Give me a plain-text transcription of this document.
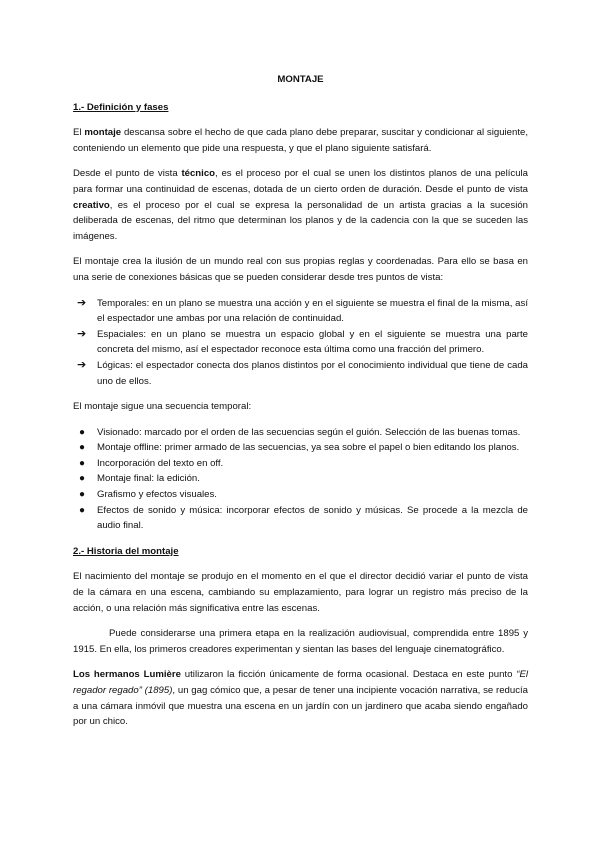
MONTAJE
1.- Definición y fases

El montaje descansa sobre el hecho de que cada plano debe preparar, suscitar y condicionar al siguiente, conteniendo un elemento que pide una respuesta, y que el plano siguiente satisfará.

Desde el punto de vista técnico, es el proceso por el cual se unen los distintos planos de una película para formar una continuidad de escenas, dotada de un cierto orden de duración. Desde el punto de vista creativo, es el proceso por el cual se expresa la personalidad de un artista gracias a la sucesión deliberada de escenas, del ritmo que determinan los planos y de la cadencia con la que se suceden las imágenes.

El montaje crea la ilusión de un mundo real con sus propias reglas y coordenadas. Para ello se basa en una serie de conexiones básicas que se pueden considerar desde tres puntos de vista:

➔ Temporales: en un plano se muestra una acción y en el siguiente se muestra el final de la misma, así el espectador une ambas por una relación de continuidad.
➔ Espaciales: en un plano se muestra un espacio global y en el siguiente se muestra una parte concreta del mismo, así el espectador reconoce esta última como una fracción del primero.
➔ Lógicas: el espectador conecta dos planos distintos por el conocimiento individual que tiene de cada uno de ellos.

El montaje sigue una secuencia temporal:

● Visionado: marcado por el orden de las secuencias según el guión. Selección de las buenas tomas.
● Montaje offline: primer armado de las secuencias, ya sea sobre el papel o bien editando los planos.
● Incorporación del texto en off.
● Montaje final: la edición.
● Grafismo y efectos visuales.
● Efectos de sonido y música: incorporar efectos de sonido y músicas. Se procede a la mezcla de audio final.
2.- Historia del montaje

El nacimiento del montaje se produjo en el momento en el que el director decidió variar el punto de vista de la cámara en una escena, cambiando su emplazamiento, para lograr un registro más preciso de la acción, o una relación más significativa entre las escenas.

Puede considerarse una primera etapa en la realización audiovisual, comprendida entre 1895 y 1915. En ella, los primeros creadores experimentan y sientan las bases del lenguaje cinematográfico.

Los hermanos Lumière utilizaron la ficción únicamente de forma ocasional. Destaca en este punto “El regador regado” (1895), un gag cómico que, a pesar de tener una incipiente vocación narrativa, se reducía a una cámara inmóvil que muestra una escena en un jardín con un jardinero que acaba siendo engañado por un chico.
